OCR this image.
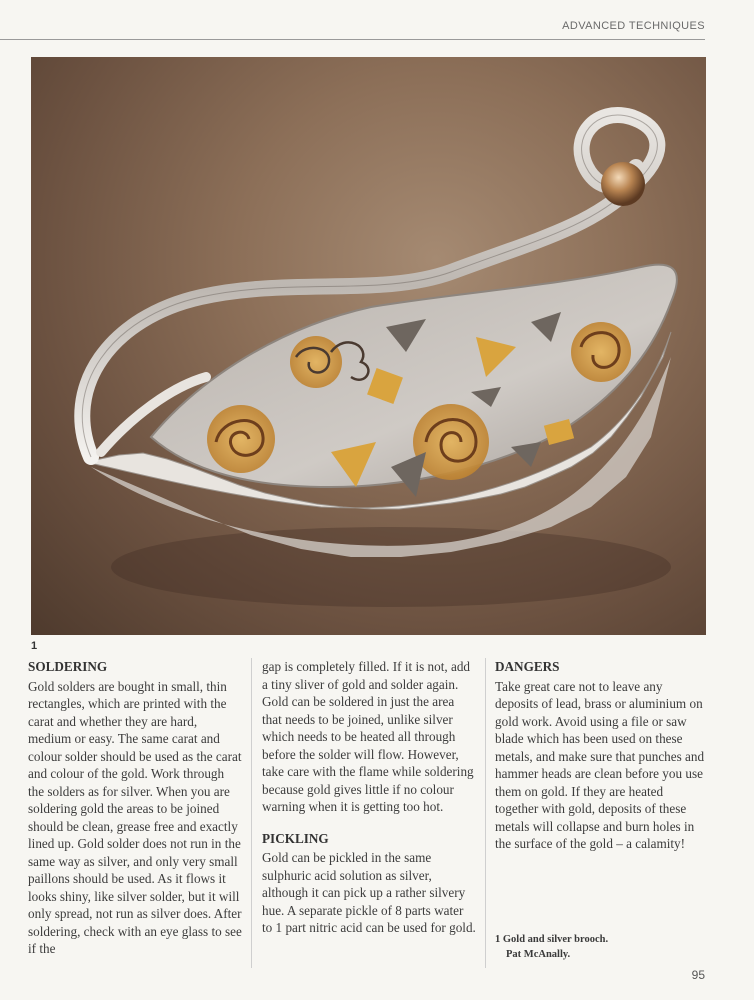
ADVANCED TECHNIQUES
1
SOLDERING

Gold solders are bought in small, thin rectangles, which are printed with the carat and whether they are hard, medium or easy. The same carat and colour solder should be used as the carat and colour of the gold. Work through the solders as for silver. When you are soldering gold the areas to be joined should be clean, grease free and exactly lined up. Gold solder does not run in the same way as silver, and only very small paillons should be used. As it flows it looks shiny, like silver solder, but it will only spread, not run as silver does. After soldering, check with an eye glass to see if the

gap is completely filled. If it is not, add a tiny sliver of gold and solder again. Gold can be soldered in just the area that needs to be joined, unlike silver which needs to be heated all through before the solder will flow. However, take care with the flame while soldering because gold gives little if no colour warning when it is getting too hot.

PICKLING

Gold can be pickled in the same sulphuric acid solution as silver, although it can pick up a rather silvery hue. A separate pickle of 8 parts water to 1 part nitric acid can be used for gold.

DANGERS

Take great care not to leave any deposits of lead, brass or aluminium on gold work. Avoid using a file or saw blade which has been used on these metals, and make sure that punches and hammer heads are clean before you use them on gold. If they are heated together with gold, deposits of these metals will collapse and burn holes in the surface of the gold – a calamity!

1 Gold and silver brooch.

Pat McAnally.
95
